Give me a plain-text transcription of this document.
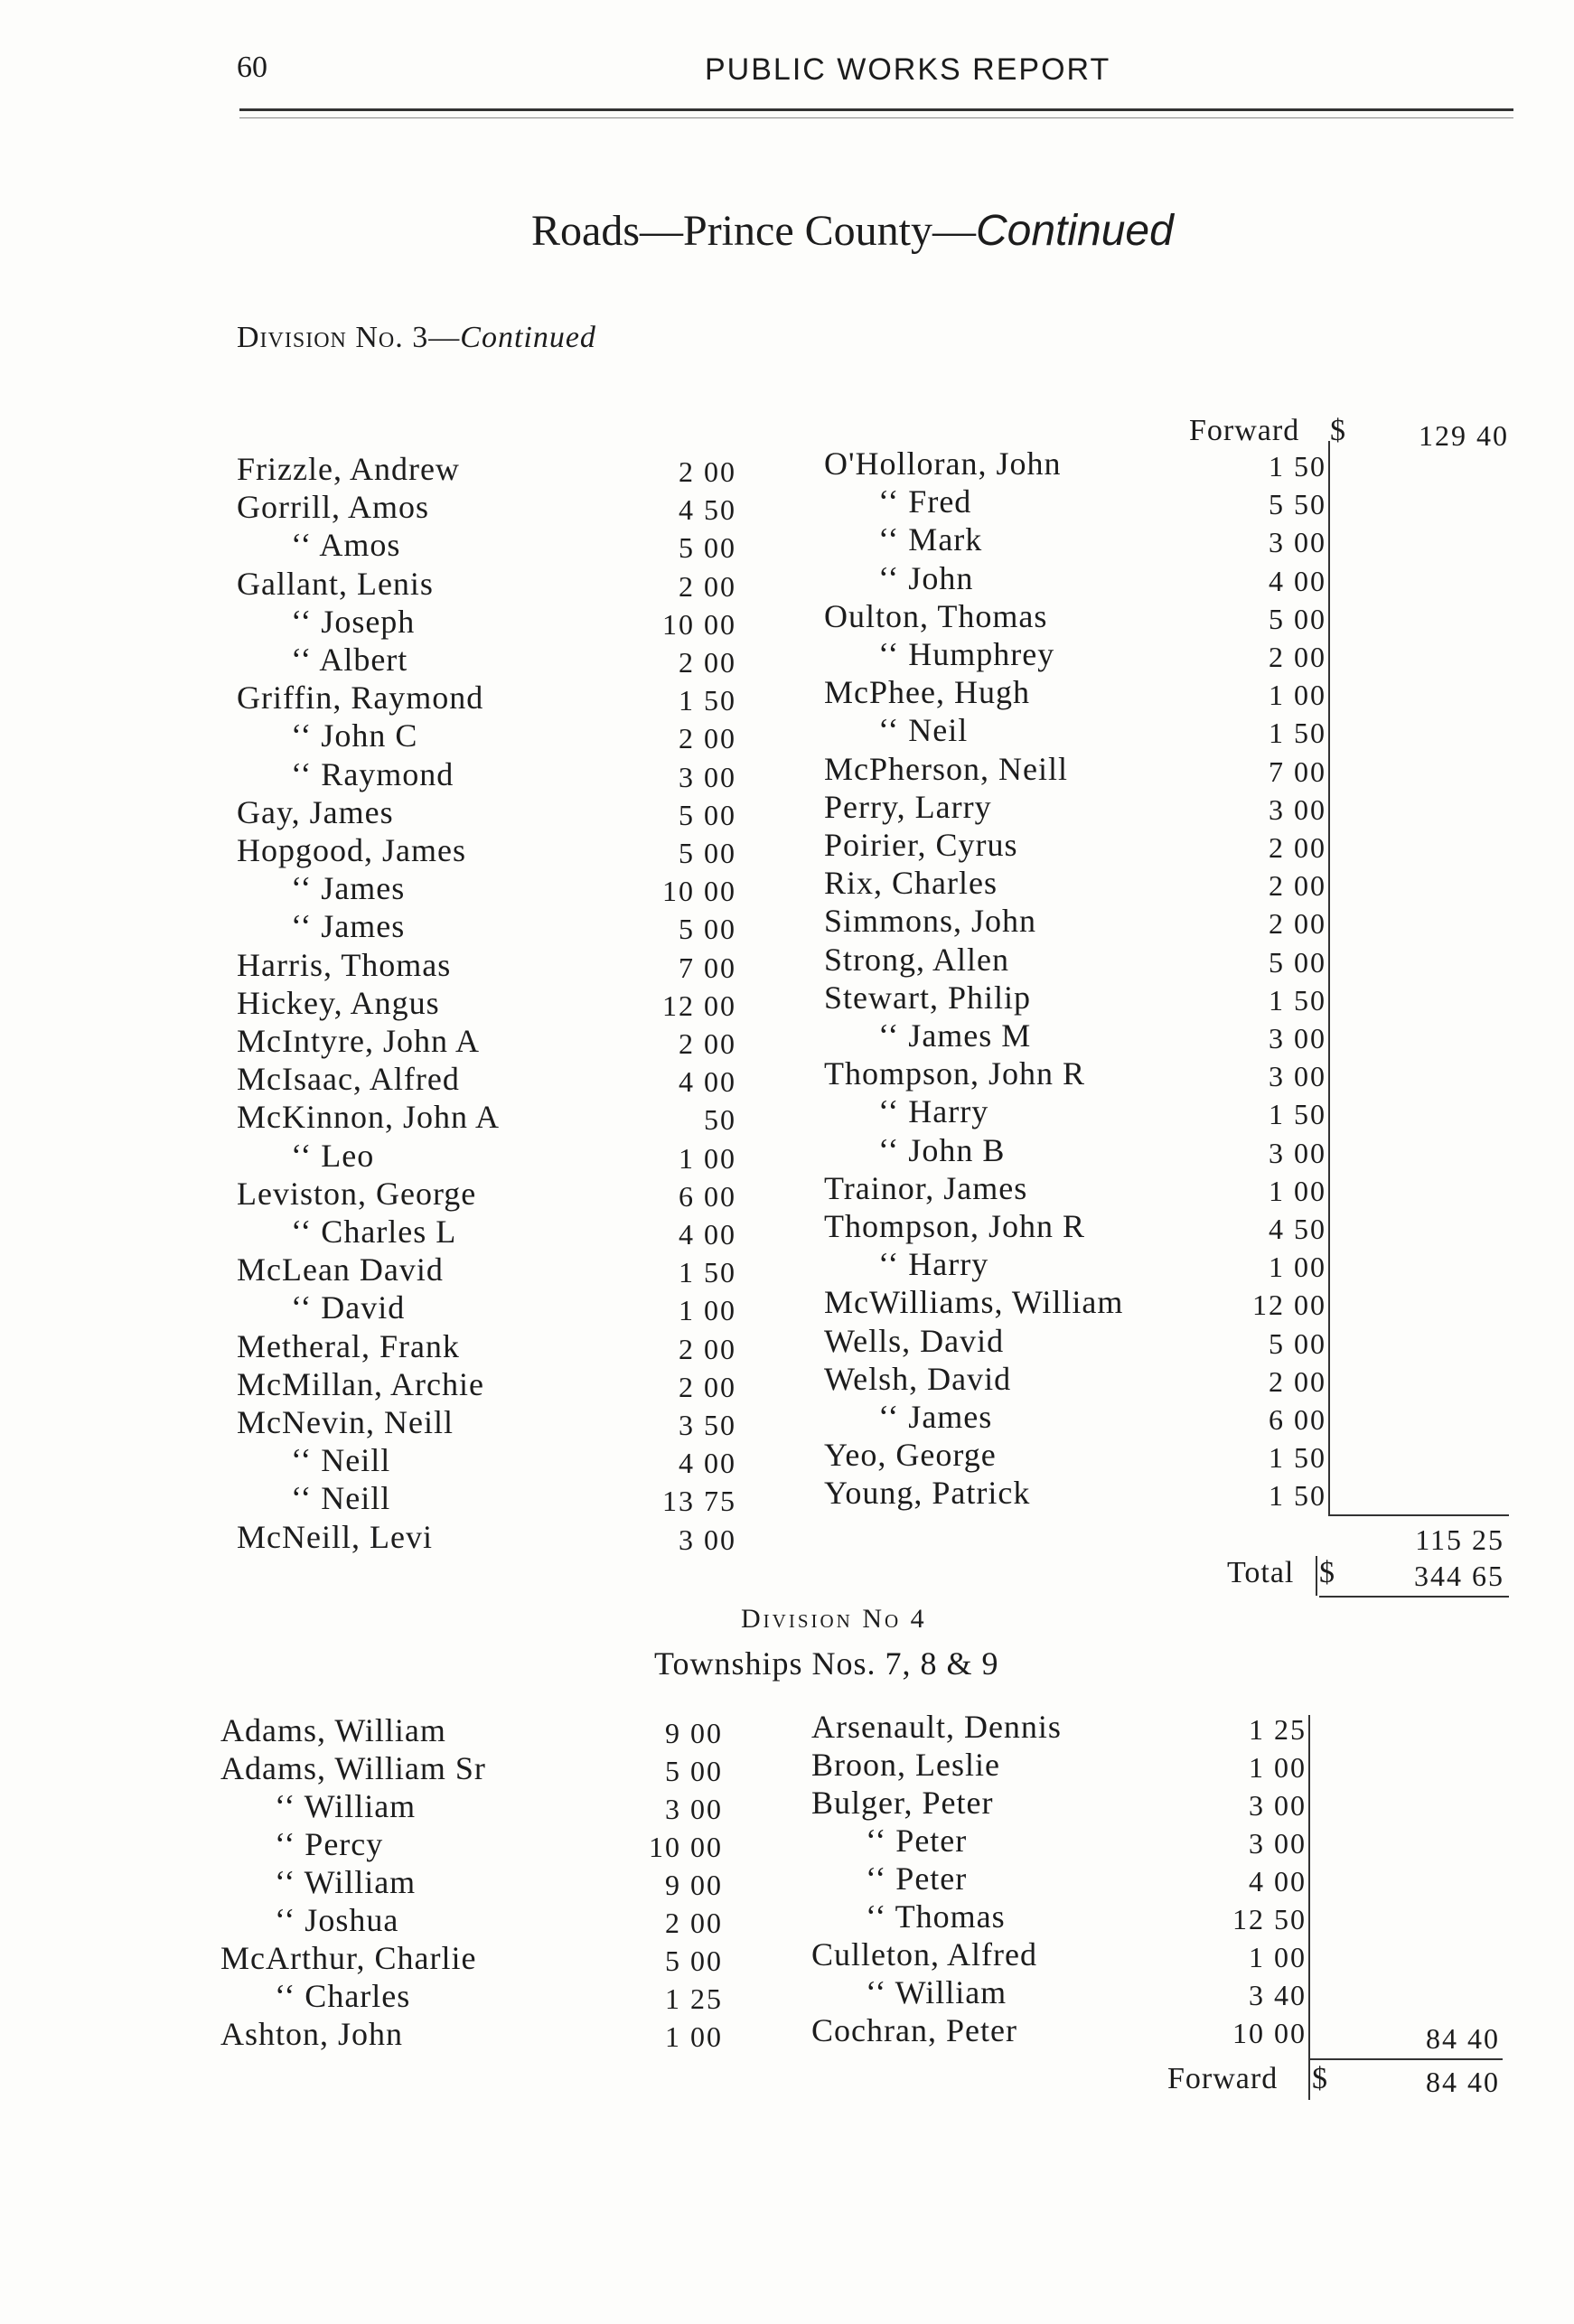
60	PUBLIC WORKS REPORT
Roads—Prince County—Continued
Division No. 3—Continued
Forward $	129 40
Frizzle, Andrew	2 00
Gorrill, Amos	4 50
‘‘ Amos	5 00
Gallant, Lenis	2 00
‘‘ Joseph	10 00
‘‘ Albert	2 00
Griffin, Raymond	1 50
‘‘ John C	2 00
‘‘ Raymond	3 00
Gay, James	5 00
Hopgood, James	5 00
‘‘ James	10 00
‘‘ James	5 00
Harris, Thomas	7 00
Hickey, Angus	12 00
McIntyre, John A	2 00
McIsaac, Alfred	4 00
McKinnon, John A	50
‘‘ Leo	1 00
Leviston, George	6 00
‘‘ Charles L	4 00
McLean David	1 50
‘‘ David	1 00
Metheral, Frank	2 00
McMillan, Archie	2 00
McNevin, Neill	3 50
‘‘ Neill	4 00
‘‘ Neill	13 75
McNeill, Levi	3 00
O'Holloran, John	1 50
‘‘ Fred	5 50
‘‘ Mark	3 00
‘‘ John	4 00
Oulton, Thomas	5 00
‘‘ Humphrey	2 00
McPhee, Hugh	1 00
‘‘ Neil	1 50
McPherson, Neill	7 00
Perry, Larry	3 00
Poirier, Cyrus	2 00
Rix, Charles	2 00
Simmons, John	2 00
Strong, Allen	5 00
Stewart, Philip	1 50
‘‘ James M	3 00
Thompson, John R	3 00
‘‘ Harry	1 50
‘‘ John B	3 00
Trainor, James	1 00
Thompson, John R	4 50
‘‘ Harry	1 00
McWilliams, William	12 00
Wells, David	5 00
Welsh, David	2 00
‘‘ James	6 00
Yeo, George	1 50
Young, Patrick	1 50
115 25
Total $	344 65
Division No 4
Townships Nos. 7, 8 & 9
Adams, William	9 00
Adams, William Sr	5 00
‘‘ William	3 00
‘‘ Percy	10 00
‘‘ William	9 00
‘‘ Joshua	2 00
McArthur, Charlie	5 00
‘‘ Charles	1 25
Ashton, John	1 00
Arsenault, Dennis	1 25
Broon, Leslie	1 00
Bulger, Peter	3 00
‘‘ Peter	3 00
‘‘ Peter	4 00
‘‘ Thomas	12 50
Culleton, Alfred	1 00
‘‘ William	3 40
Cochran, Peter	10 00	84 40
Forward $	84 40
